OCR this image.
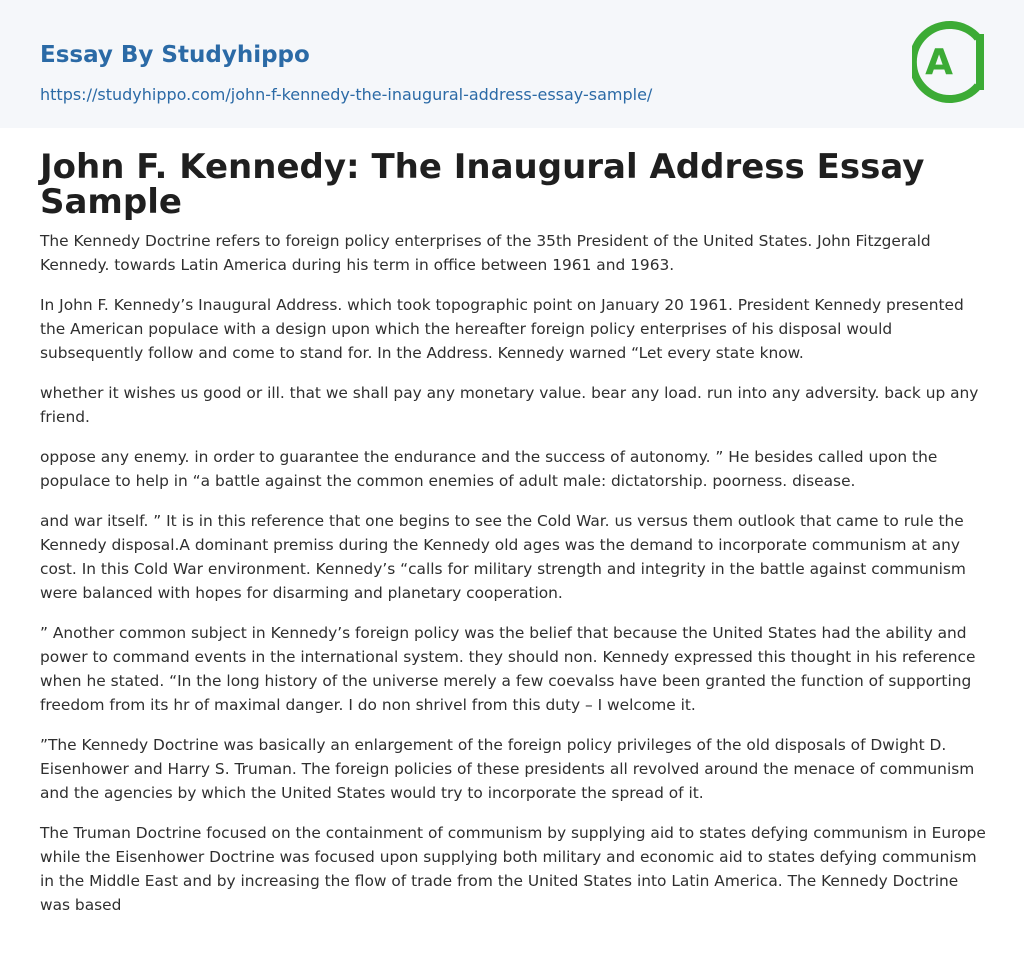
Essay By Studyhippo
https://studyhippo.com/john-f-kennedy-the-inaugural-address-essay-sample/
A
John F. Kennedy: The Inaugural Address Essay Sample

The Kennedy Doctrine refers to foreign policy enterprises of the 35th President of the United States. John Fitzgerald Kennedy. towards Latin America during his term in office between 1961 and 1963.

In John F. Kennedy’s Inaugural Address. which took topographic point on January 20 1961. President Kennedy presented the American populace with a design upon which the hereafter foreign policy enterprises of his disposal would subsequently follow and come to stand for. In the Address. Kennedy warned “Let every state know.

whether it wishes us good or ill. that we shall pay any monetary value. bear any load. run into any adversity. back up any friend.

oppose any enemy. in order to guarantee the endurance and the success of autonomy. ” He besides called upon the populace to help in “a battle against the common enemies of adult male: dictatorship. poorness. disease.

and war itself. ” It is in this reference that one begins to see the Cold War. us versus them outlook that came to rule the Kennedy disposal.A dominant premiss during the Kennedy old ages was the demand to incorporate communism at any cost. In this Cold War environment. Kennedy’s “calls for military strength and integrity in the battle against communism were balanced with hopes for disarming and planetary cooperation.

” Another common subject in Kennedy’s foreign policy was the belief that because the United States had the ability and power to command events in the international system. they should non. Kennedy expressed this thought in his reference when he stated. “In the long history of the universe merely a few coevalss have been granted the function of supporting freedom from its hr of maximal danger. I do non shrivel from this duty – I welcome it.

”The Kennedy Doctrine was basically an enlargement of the foreign policy privileges of the old disposals of Dwight D. Eisenhower and Harry S. Truman. The foreign policies of these presidents all revolved around the menace of communism and the agencies by which the United States would try to incorporate the spread of it.

The Truman Doctrine focused on the containment of communism by supplying aid to states defying communism in Europe while the Eisenhower Doctrine was focused upon supplying both military and economic aid to states defying communism in the Middle East and by increasing the flow of trade from the United States into Latin America. The Kennedy Doctrine was based
